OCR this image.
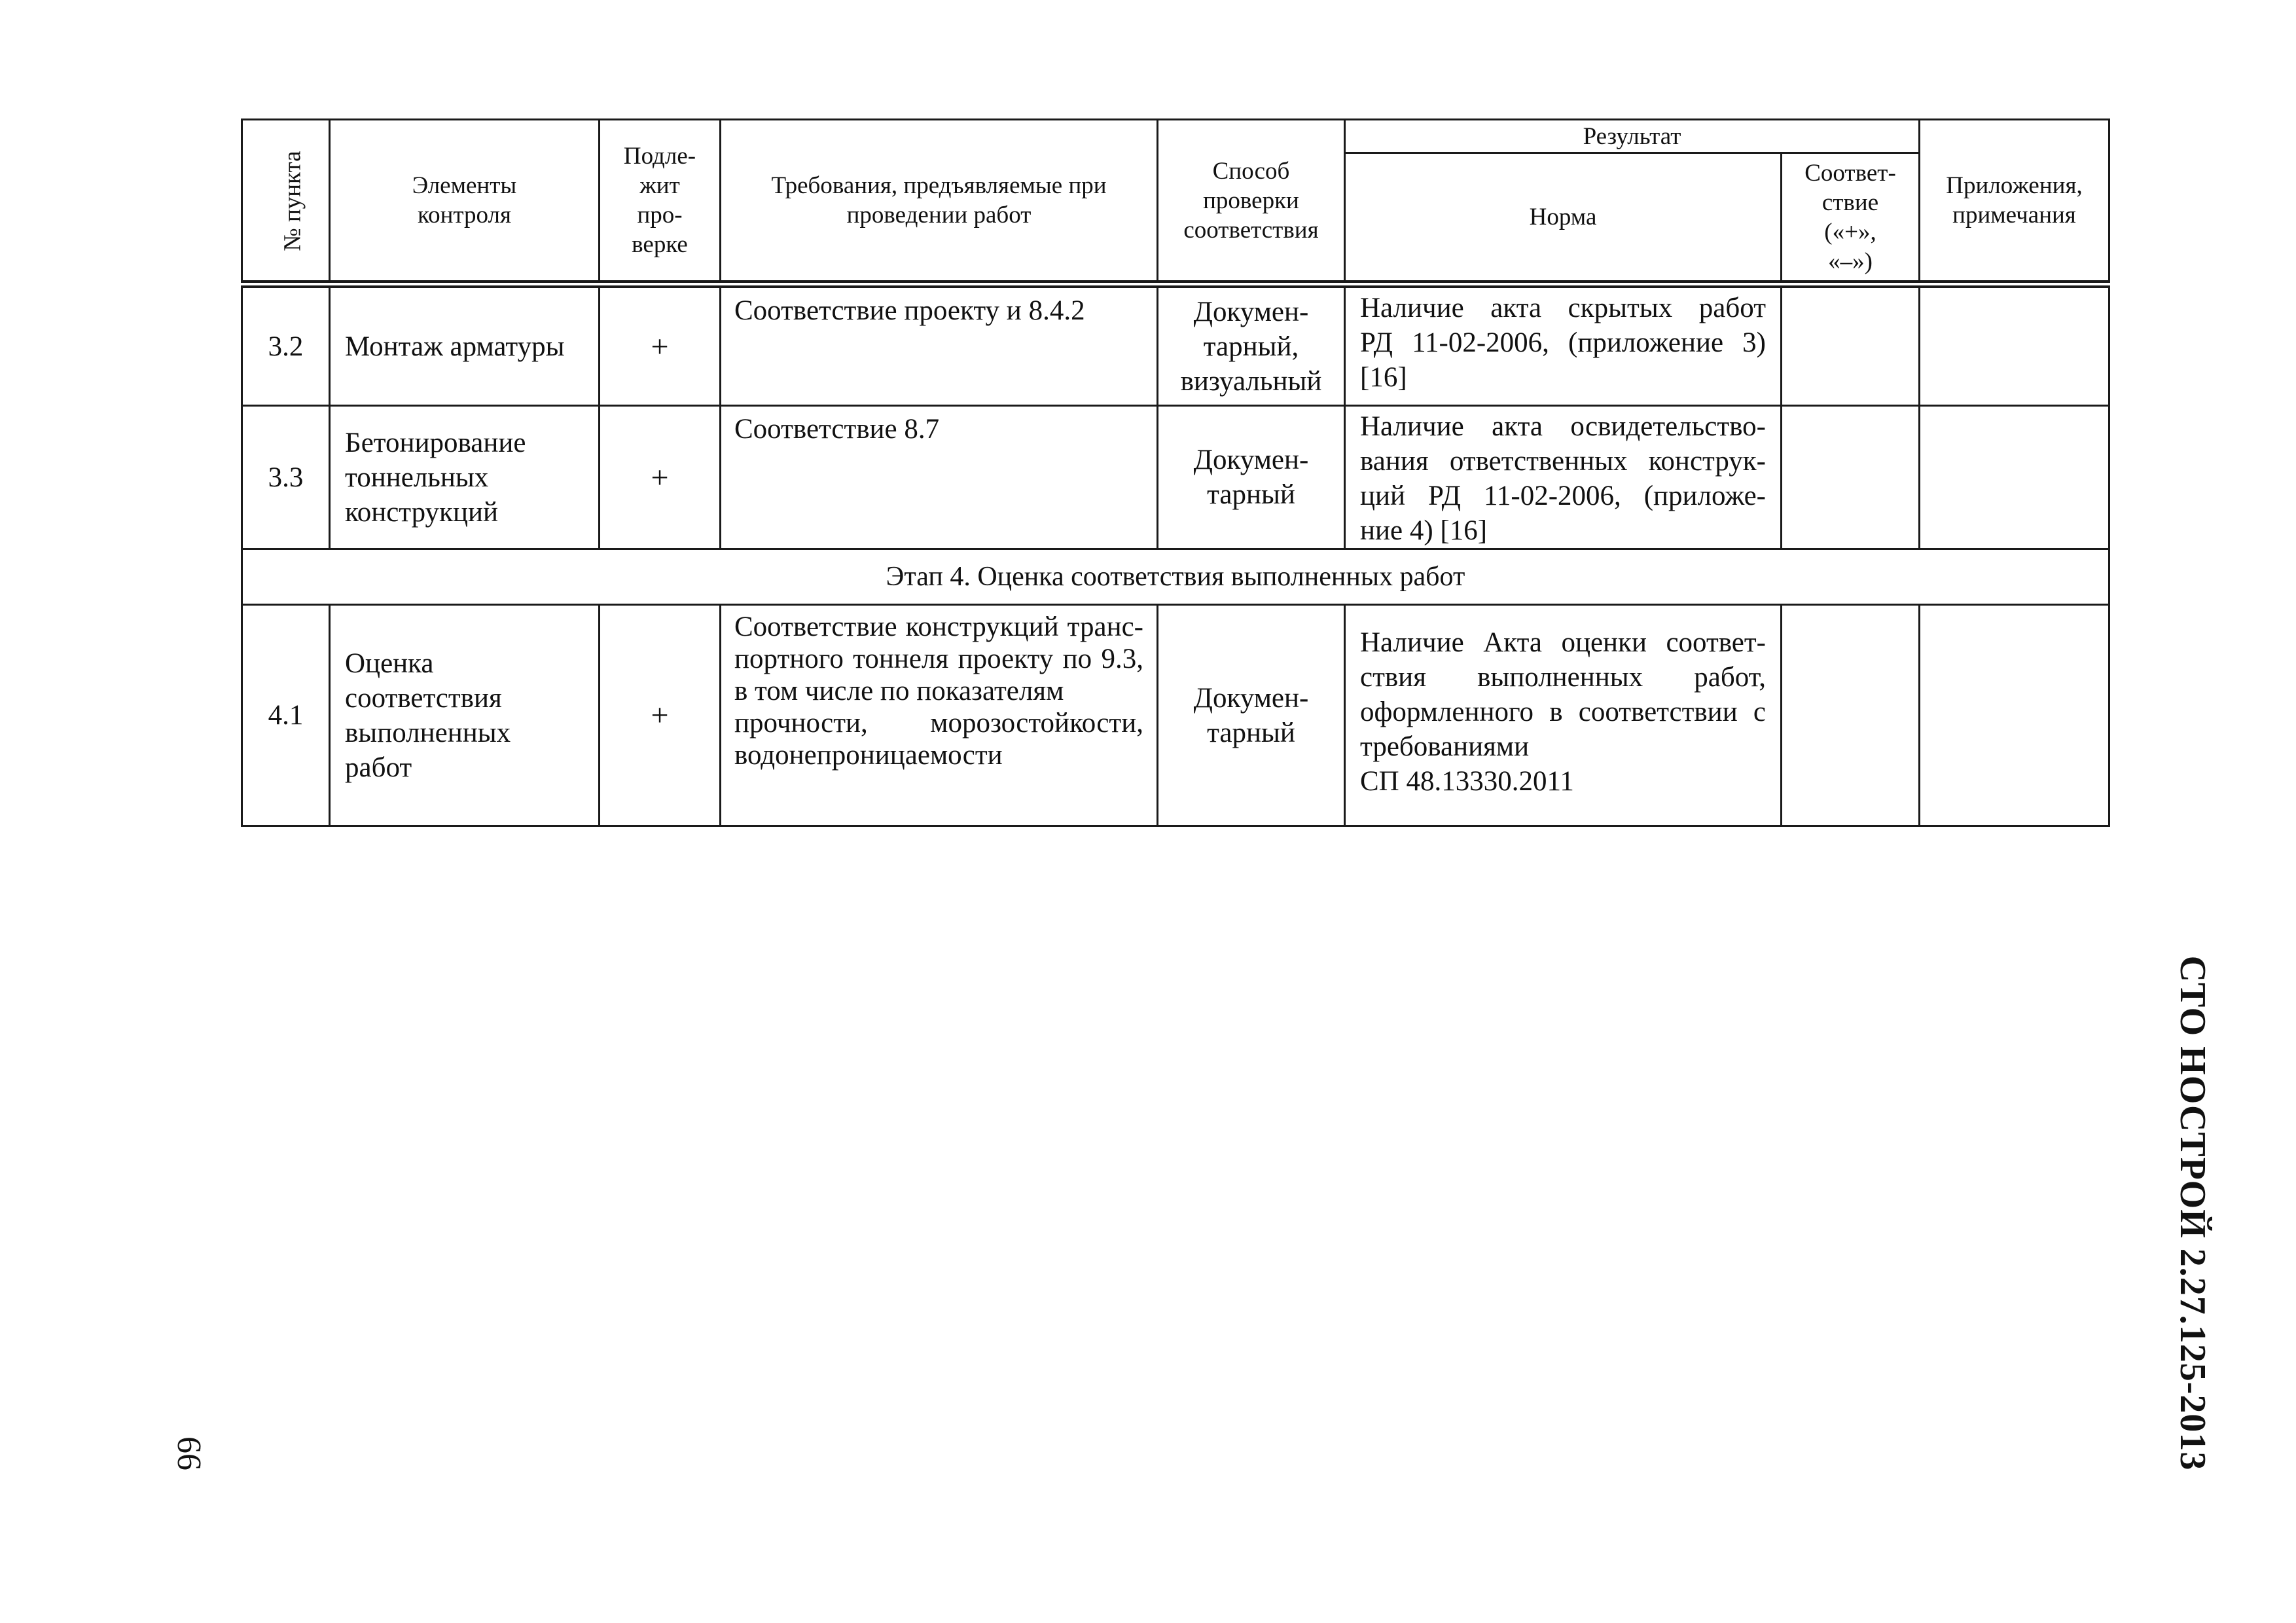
№ пункта	Элементы контроля	Подле-
жит
про-
верке	Требования, предъявляемые при
проведении работ	Способ
проверки
соответствия	Результат		Приложения,
примечания

					Норма	Соответ-
ствие
(«+»,
«–»)	

3.2	Монтаж арматуры	+	Соответствие проекту и 8.4.2	Докумен-
тарный,
визуальный	Наличие акта скрытых работ
РД 11-02-2006, (приложение 3)
[16]		

3.3	Бетонирование
тоннельных
конструкций	+	Соответствие 8.7	Докумен-
тарный	Наличие акта освидетельство-
вания ответственных конструк-
ций РД 11-02-2006, (приложе-
ние 4) [16]		

Этап 4. Оценка соответствия выполненных работ							
4.1	Оценка
соответствия
выполненных
работ	+	Соответствие конструкций транс-
портного тоннеля проекту по 9.3,
в том числе по показателям
прочности, морозостойкости,
водонепроницаемости	Докумен-
тарный	Наличие Акта оценки соответ-
ствия выполненных работ,
оформленного в соответствии с
требованиями
СП 48.13330.2011		

66	СТО НОСТРОЙ 2.27.125-2013
